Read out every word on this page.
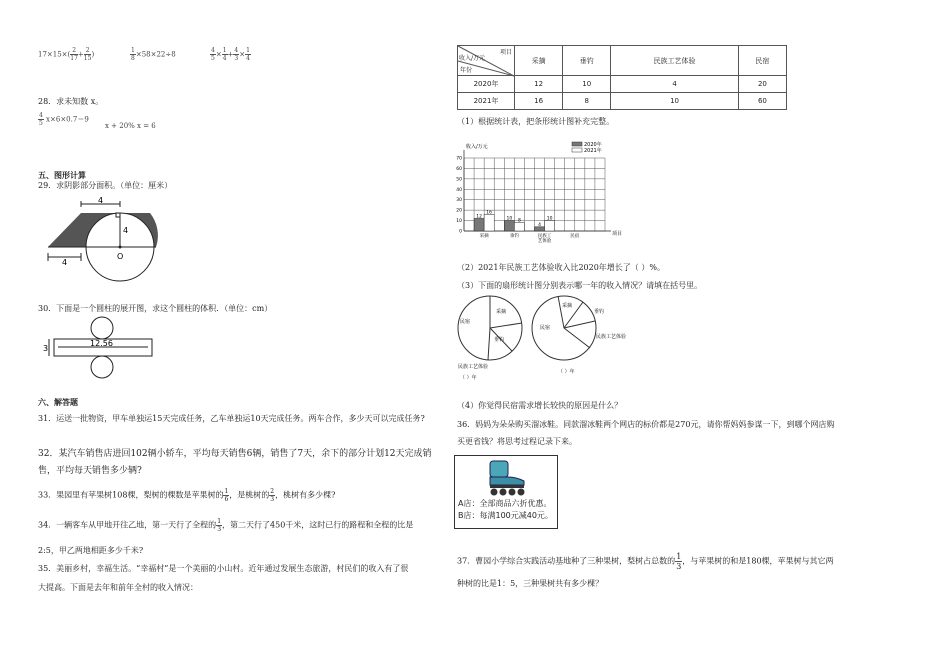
$17\times 15\times( \frac{2}{17} + \frac{2}{15}$ )	$\frac{1}{8} \times 58\times 22\div 8$	$\frac{4}{5} \times \frac{1}{4} + \frac{4}{3} \times \frac{1}{4}$
28．求未知数 x。
$\frac{4}{5} x\times 6\times 0.7=9$
x + 20% x = 6
五、图形计算
29．求阴影部分面积。（单位：厘米）
4
4
4
O
30．下面是一个圆柱的展开图，求这个圆柱的体积．（单位：cm）
12.56
3
六、解答题
31．运送一批物资，甲车单独运15天完成任务，乙车单独运10天完成任务。两车合作，多少天可以完成任务?
32．某汽车销售店进回102辆小轿车，平均每天销售6辆，销售了7天，余下的部分计划12天完成销售，平均每天销售多少辆?
33．果园里有苹果树108棵，梨树的棵数是苹果树的 $\frac{1}{6}$ ，是桃树的 $\frac{2}{3}$ ，桃树有多少棵?
34．一辆客车从甲地开往乙地，第一天行了全程的 $\frac{1}{3}$ ，第二天行了450千米，这时已行的路程和全程的比是
2:5，甲乙两地相距多少千米?
35．美丽乡村，幸福生活。“幸福村”是一个美丽的小山村。近年通过发展生态旅游，村民们的收入有了很
大提高。下面是去年和前年全村的收入情况：
项目
收入/万元
年份	采摘	垂钓	民族工艺体验	民宿
2020年	12	10	4	20
2021年	16	8	10	60
（1）根据统计表，把条形统计图补充完整。
0
10
20
30
40
50
60
70
12
16
采摘
10 8
垂钓
4
10
民族工
艺体验
民宿
收入/万元
项目
2020年
2021年
（2）2021年民族工艺体验收入比2020年增长了（ ）%。
（3）下面的扇形统计图分别表示哪一年的收入情况？请填在括号里。
民宿
采摘
垂钓
民族工艺体验
（ ）年
民宿
采摘
垂钓
民族工艺体验
（ ）年
（4）你觉得民宿需求增长较快的原因是什么？
36．妈妈为朵朵购买溜冰鞋。同款溜冰鞋两个网店的标价都是270元，请你帮妈妈参谋一下，到哪个网店购
买更省钱？将思考过程记录下来。
A店：全部商品六折优惠。
B店：每满100元减40元。
37．曹园小学综合实践活动基地种了三种果树，梨树占总数的 $\frac{1}{3}$ ，与苹果树的和是180棵，苹果树与其它两
种树的比是1：5，三种果树共有多少棵？
